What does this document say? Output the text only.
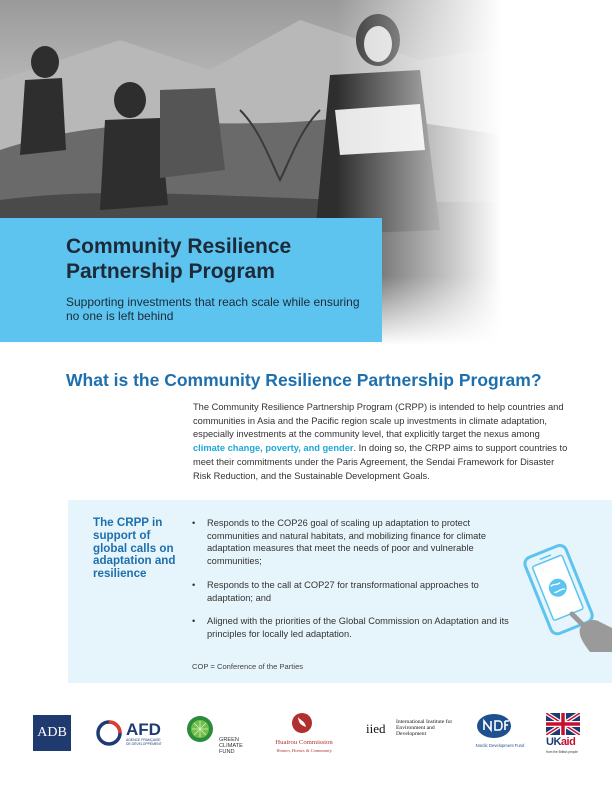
Community Resilience Partnership Program

Supporting investments that reach scale while ensuring no one is left behind

What is the Community Resilience Partnership Program?

The Community Resilience Partnership Program (CRPP) is intended to help countries and communities in Asia and the Pacific region scale up investments in climate adaptation, especially investments at the community level, that explicitly target the nexus among climate change, poverty, and gender. In doing so, the CRPP aims to support countries to meet their commitments under the Paris Agreement, the Sendai Framework for Disaster Risk Reduction, and the Sustainable Development Goals.

The CRPP in support of global calls on adaptation and resilience
• Responds to the COP26 goal of scaling up adaptation to protect communities and natural habitats, and mobilizing finance for climate adaptation measures that meet the needs of poor and vulnerable communities;
• Responds to the call at COP27 for transformational approaches to adaptation; and
• Aligned with the priorities of the Global Commission on Adaptation and its principles for locally led adaptation.
COP = Conference of the Parties
ADB	AFD
AGENCE FRANÇAISE DE DÉVELOPPEMENT
GREEN CLIMATE FUND
Huairou Commission
Women, Homes & Community
iied International Institute for Environment and Development
Nordic Development Fund	UKaid
from the British people
